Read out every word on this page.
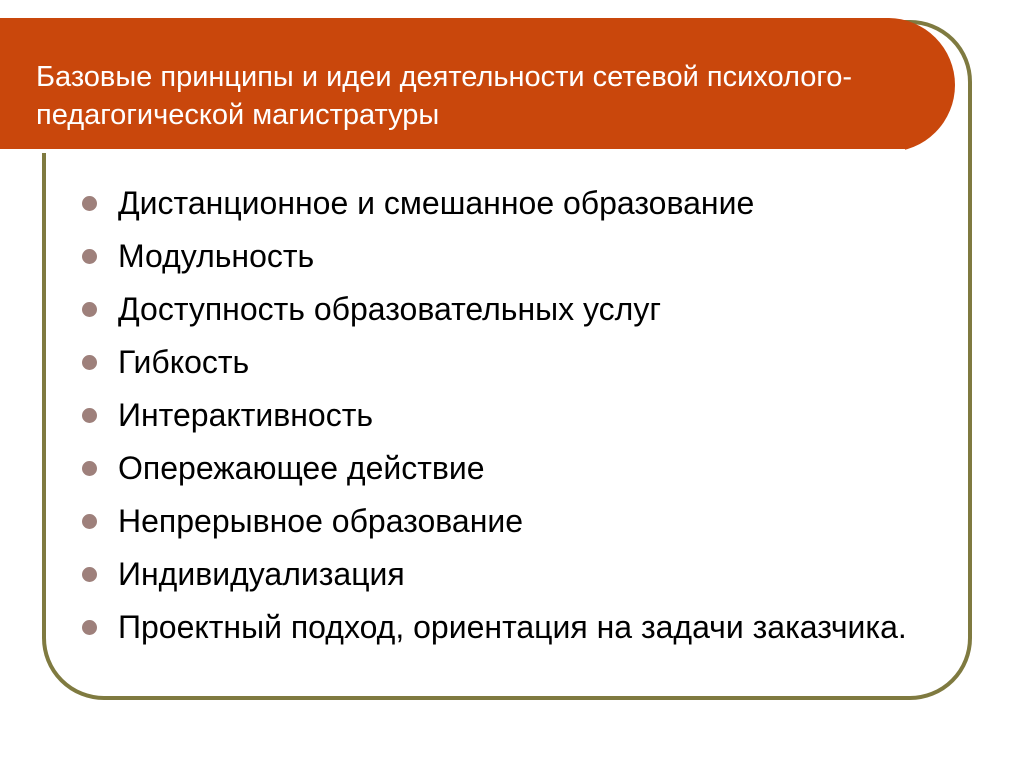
Базовые принципы и идеи деятельности сетевой психолого-педагогической магистратуры
Дистанционное и смешанное образование
Модульность
Доступность образовательных услуг
Гибкость
Интерактивность
Опережающее действие
Непрерывное образование
Индивидуализация
Проектный подход, ориентация на задачи заказчика.
